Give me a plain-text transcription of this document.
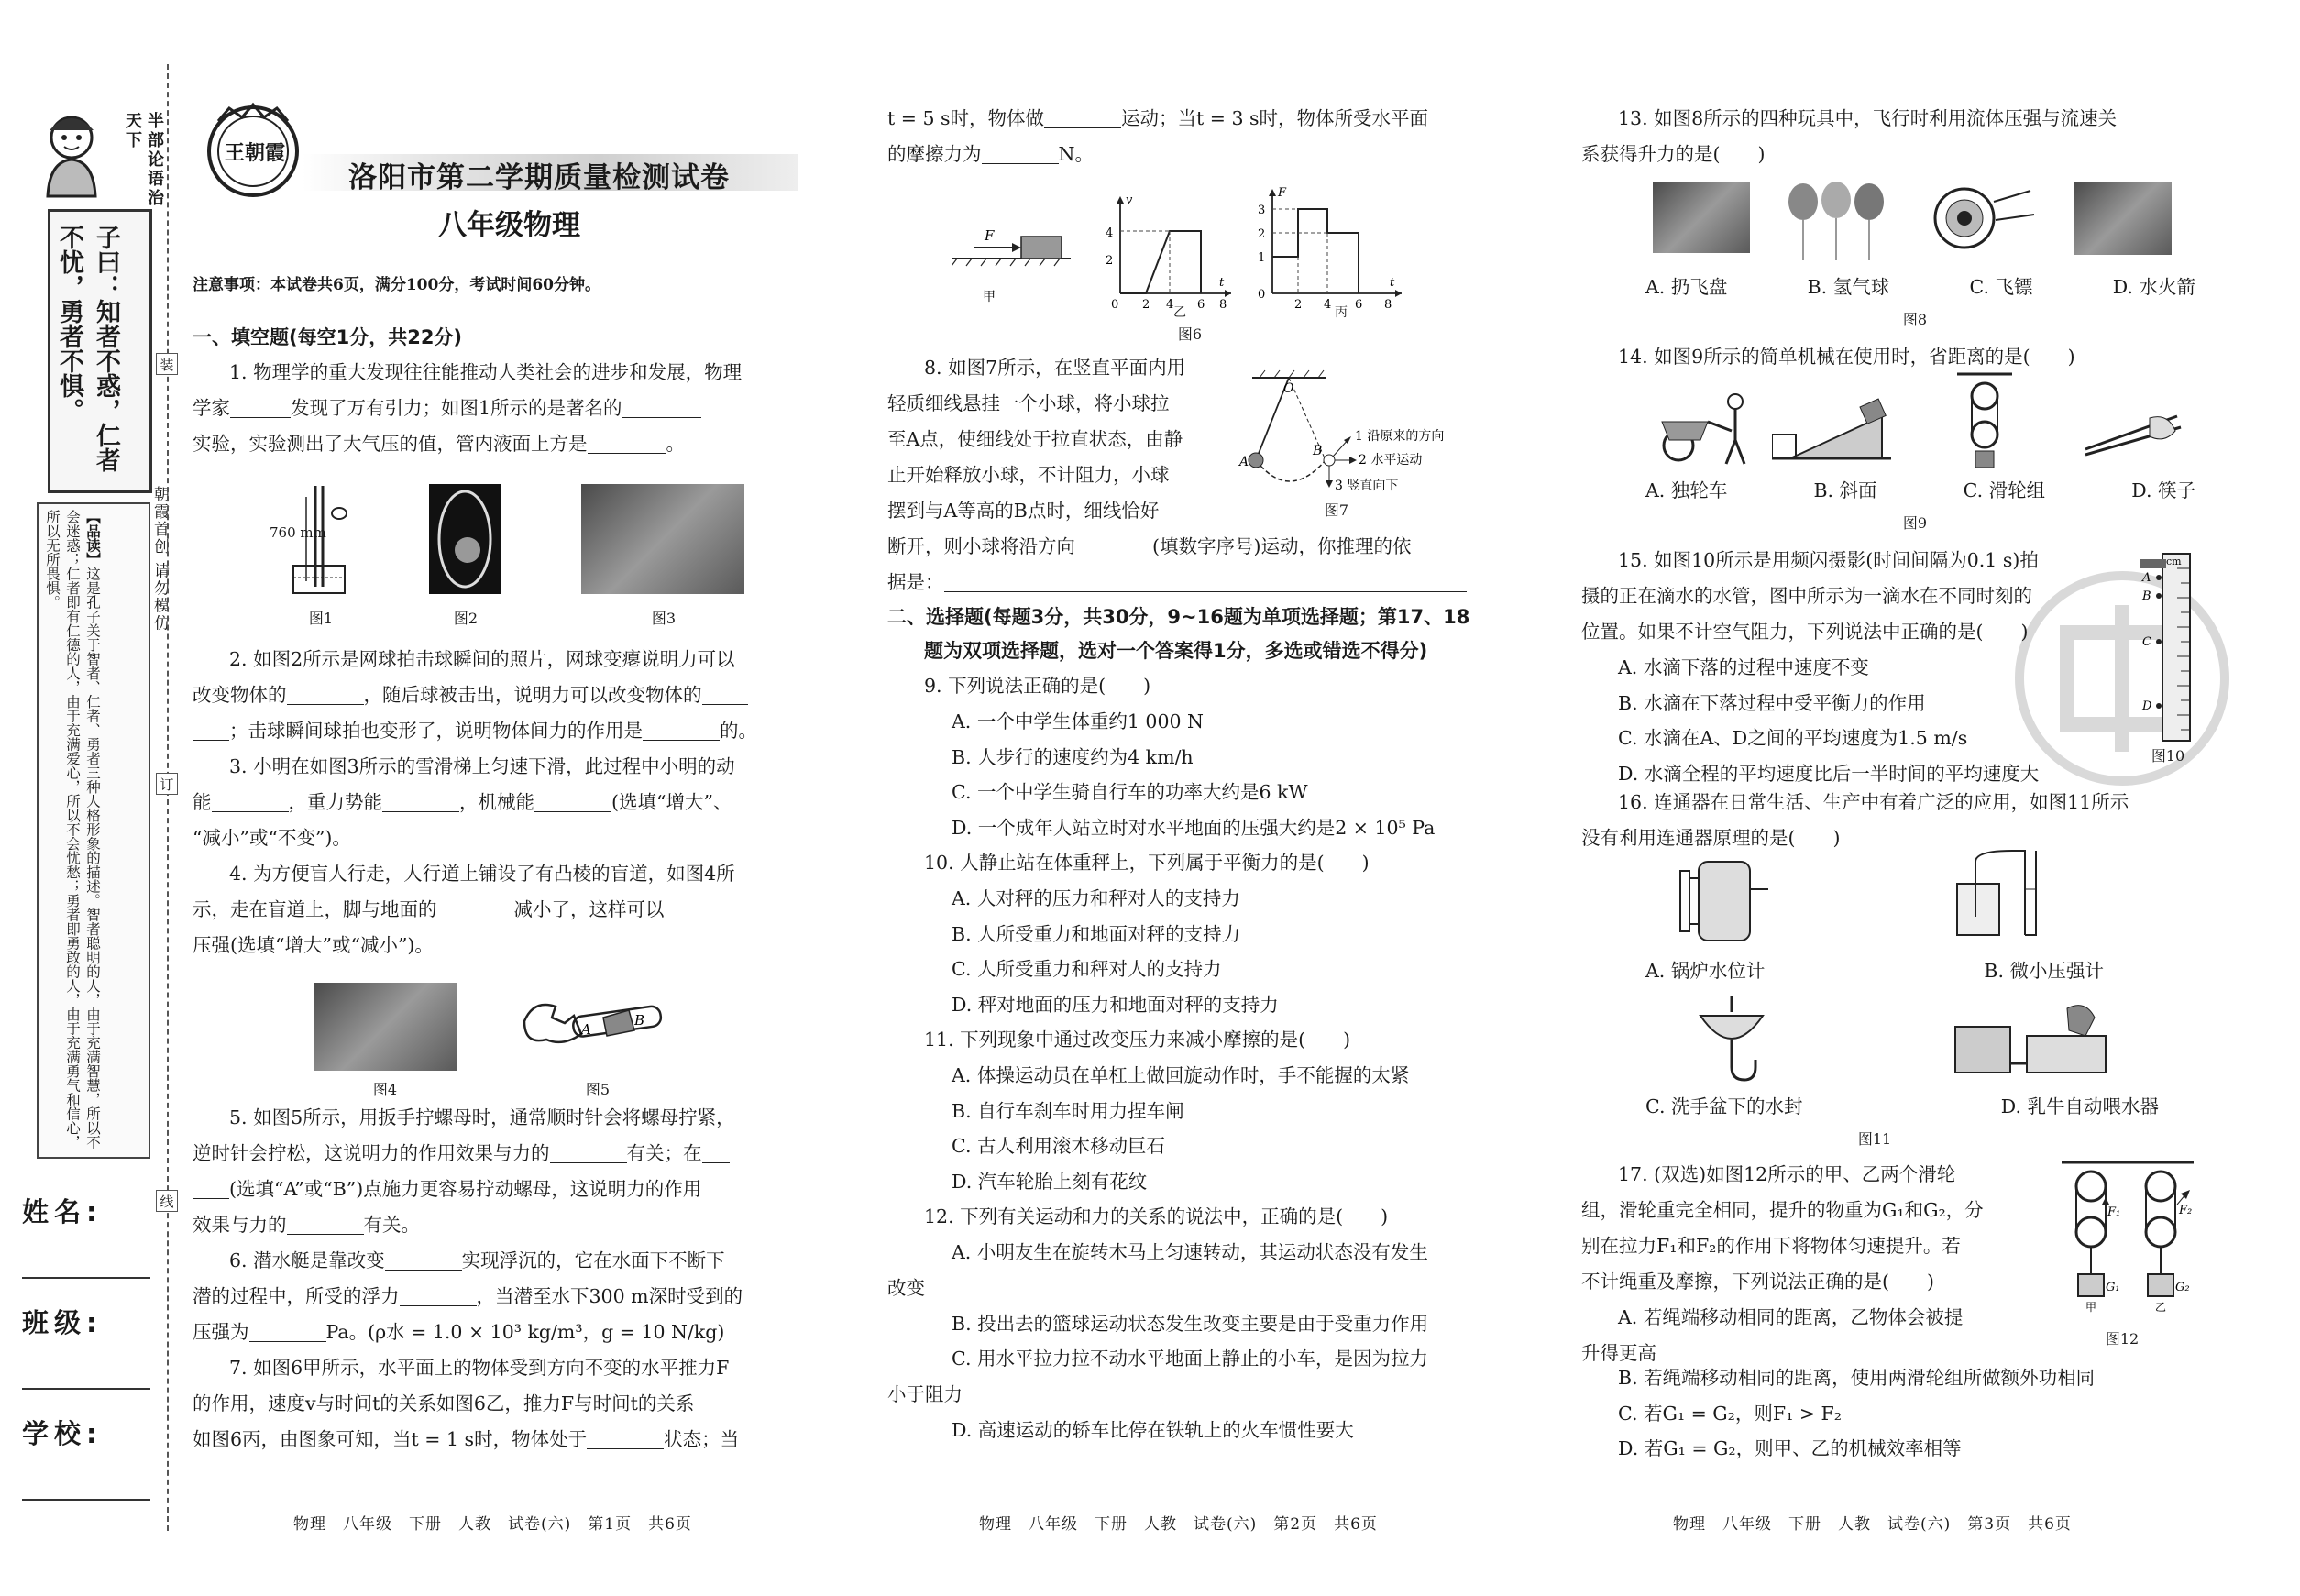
半部论语治天下
子曰：知者不惑，仁者不忧，勇者不惧。
【品读】这是孔子关于智者、仁者、勇者三种人格形象的描述。智者聪明的人，由于充满智慧，所以不会迷惑；仁者即有仁德的人，由于充满爱心，所以不会忧愁；勇者即勇敢的人，由于充满勇气和信心，所以无所畏惧。	朝霞首创 请勿模仿
姓名:
班级:
学校:
装
订
线
王朝霞
洛阳市第二学期质量检测试卷
八年级物理
注意事项：本试卷共6页，满分100分，考试时间60分钟。
一、填空题(每空1分，共22分)
1. 物理学的重大发现往往能推动人类社会的进步和发展，物理
学家	发现了万有引力；如图1所示的是著名的
实验，实验测出了大气压的值，管内液面上方是	。
760 mm
图1	图2	图3
2. 如图2所示是网球拍击球瞬间的照片，网球变瘪说明力可以
改变物体的	，随后球被击出，说明力可以改变物体的
；击球瞬间球拍也变形了，说明物体间力的作用是	的。
3. 小明在如图3所示的雪滑梯上匀速下滑，此过程中小明的动
能	，重力势能	，机械能	(选填“增大”、
“减小”或“不变”)。
4. 为方便盲人行走，人行道上铺设了有凸棱的盲道，如图4所
示，走在盲道上，脚与地面的	减小了，这样可以
压强(选填“增大”或“减小”)。
A
B
图4	图5
5. 如图5所示，用扳手拧螺母时，通常顺时针会将螺母拧紧，
逆时针会拧松，这说明力的作用效果与力的	有关；在
(选填“A”或“B”)点施力更容易拧动螺母，这说明力的作用
效果与力的	有关。
6. 潜水艇是靠改变	实现浮沉的，它在水面下不断下
潜的过程中，所受的浮力	，当潜至水下300 m深时受到的
压强为	Pa。(ρ水 = 1.0 × 10³ kg/m³，g = 10 N/kg)
7. 如图6甲所示，水平面上的物体受到方向不变的水平推力F
的作用，速度v与时间t的关系如图6乙，推力F与时间t的关系
如图6丙，由图象可知，当t = 1 s时，物体处于	状态；当
物理　八年级　下册　人教　试卷(六)　第1页　共6页
t = 5 s时，物体做	运动；当t = 3 s时，物体所受水平面
的摩擦力为	N。
F
甲
v
t
4
2
0 2 4 6 8
乙
F
t
3
2
1
0
2 4 6 8
丙
图6
8. 如图7所示，在竖直平面内用
轻质细线悬挂一个小球，将小球拉
至A点，使细线处于拉直状态，由静
止开始释放小球，不计阻力，小球
摆到与A等高的B点时，细线恰好
O
A
B
1 沿原来的方向
2 水平运动
3 竖直向下
图7
断开，则小球将沿方向	(填数字序号)运动，你推理的依
据是：
二、选择题(每题3分，共30分，9~16题为单项选择题；第17、18
题为双项选择题，选对一个答案得1分，多选或错选不得分)
9. 下列说法正确的是(　　)
A. 一个中学生体重约1 000 N
B. 人步行的速度约为4 km/h
C. 一个中学生骑自行车的功率大约是6 kW
D. 一个成年人站立时对水平地面的压强大约是2 × 10⁵ Pa
10. 人静止站在体重秤上，下列属于平衡力的是(　　)
A. 人对秤的压力和秤对人的支持力
B. 人所受重力和地面对秤的支持力
C. 人所受重力和秤对人的支持力
D. 秤对地面的压力和地面对秤的支持力
11. 下列现象中通过改变压力来减小摩擦的是(　　)
A. 体操运动员在单杠上做回旋动作时，手不能握的太紧
B. 自行车刹车时用力捏车闸
C. 古人利用滚木移动巨石
D. 汽车轮胎上刻有花纹
12. 下列有关运动和力的关系的说法中，正确的是(　　)
A. 小明友生在旋转木马上匀速转动，其运动状态没有发生
改变
B. 投出去的篮球运动状态发生改变主要是由于受重力作用
C. 用水平拉力拉不动水平地面上静止的小车，是因为拉力
小于阻力
D. 高速运动的轿车比停在铁轨上的火车惯性要大
物理　八年级　下册　人教　试卷(六)　第2页　共6页
13. 如图8所示的四种玩具中，飞行时利用流体压强与流速关
系获得升力的是(　　)
A. 扔飞盘	B. 氢气球	C. 飞镖	D. 水火箭
图8
14. 如图9所示的简单机械在使用时，省距离的是(　　)
A. 独轮车	B. 斜面	C. 滑轮组	D. 筷子
图9
15. 如图10所示是用频闪摄影(时间间隔为0.1 s)拍
摄的正在滴水的水管，图中所示为一滴水在不同时刻的
位置。如果不计空气阻力，下列说法中正确的是(　　)
A. 水滴下落的过程中速度不变
B. 水滴在下落过程中受平衡力的作用
C. 水滴在A、D之间的平均速度为1.5 m/s
D. 水滴全程的平均速度比后一半时间的平均速度大
cm
A
B
C
D
图10
16. 连通器在日常生活、生产中有着广泛的应用，如图11所示
没有利用连通器原理的是(　　)
A. 锅炉水位计	B. 微小压强计
C. 洗手盆下的水封	D. 乳牛自动喂水器
图11
17. (双选)如图12所示的甲、乙两个滑轮
组，滑轮重完全相同，提升的物重为G₁和G₂，分
别在拉力F₁和F₂的作用下将物体匀速提升。若
不计绳重及摩擦，下列说法正确的是(　　)
A. 若绳端移动相同的距离，乙物体会被提
升得更高
F₁	F₂
G₁	G₂
甲	乙
图12
B. 若绳端移动相同的距离，使用两滑轮组所做额外功相同
C. 若G₁ = G₂，则F₁ > F₂
D. 若G₁ = G₂，则甲、乙的机械效率相等
物理　八年级　下册　人教　试卷(六)　第3页　共6页
